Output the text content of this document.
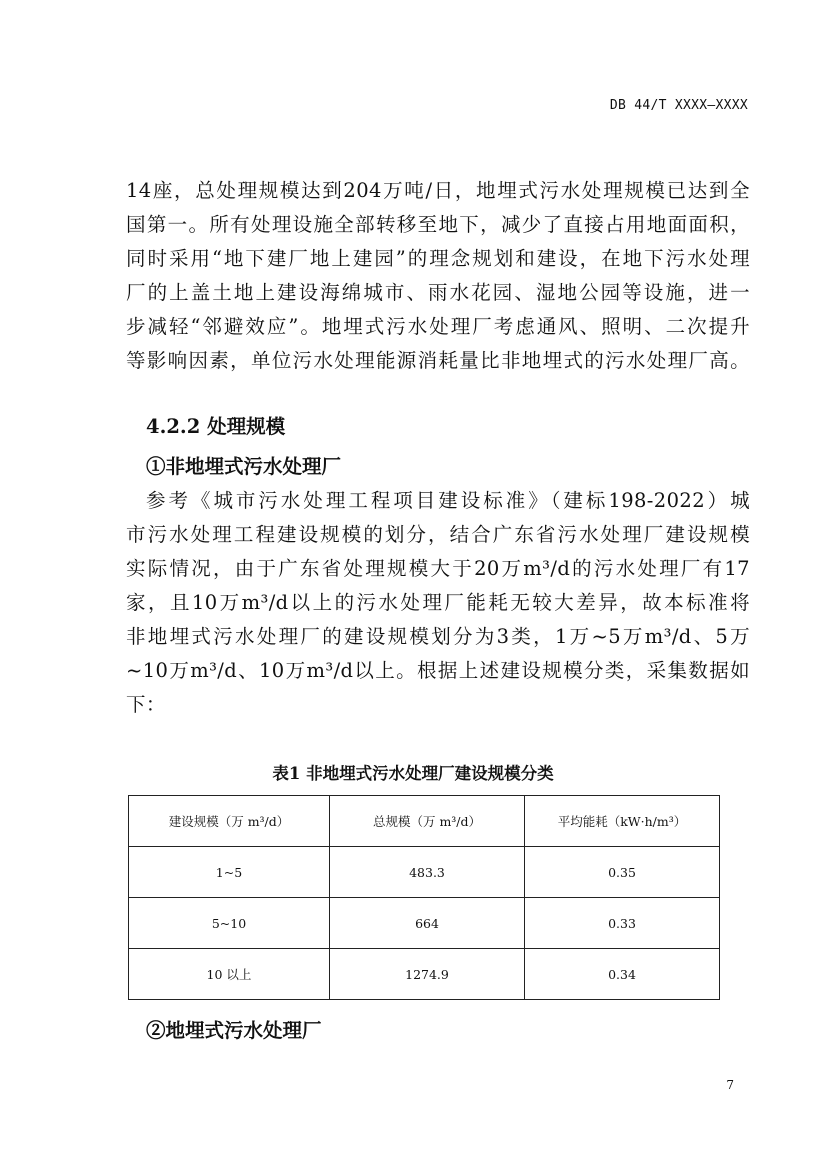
DB 44/T XXXX—XXXX
14座，总处理规模达到204万吨/日，地埋式污水处理规模已达到全
国第一。所有处理设施全部转移至地下，减少了直接占用地面面积，
同时采用“地下建厂地上建园”的理念规划和建设，在地下污水处理
厂的上盖土地上建设海绵城市、雨水花园、湿地公园等设施，进一
步减轻“邻避效应”。地埋式污水处理厂考虑通风、照明、二次提升
等影响因素，单位污水处理能源消耗量比非地埋式的污水处理厂高。
4.2.2 处理规模
①非地埋式污水处理厂
参考《城市污水处理工程项目建设标准》（建标198-2022）城
市污水处理工程建设规模的划分，结合广东省污水处理厂建设规模
实际情况，由于广东省处理规模大于20万m³/d的污水处理厂有17
家，且10万m³/d以上的污水处理厂能耗无较大差异，故本标准将
非地埋式污水处理厂的建设规模划分为3类，1万~5万m³/d、5万
~10万m³/d、10万m³/d以上。根据上述建设规模分类，采集数据如
下：
表1 非地埋式污水处理厂建设规模分类
建设规模（万 m³/d）	总规模（万 m³/d）	平均能耗（kW·h/m³）
1~5	483.3	0.35
5~10	664	0.33
10 以上	1274.9	0.34
②地埋式污水处理厂
7
